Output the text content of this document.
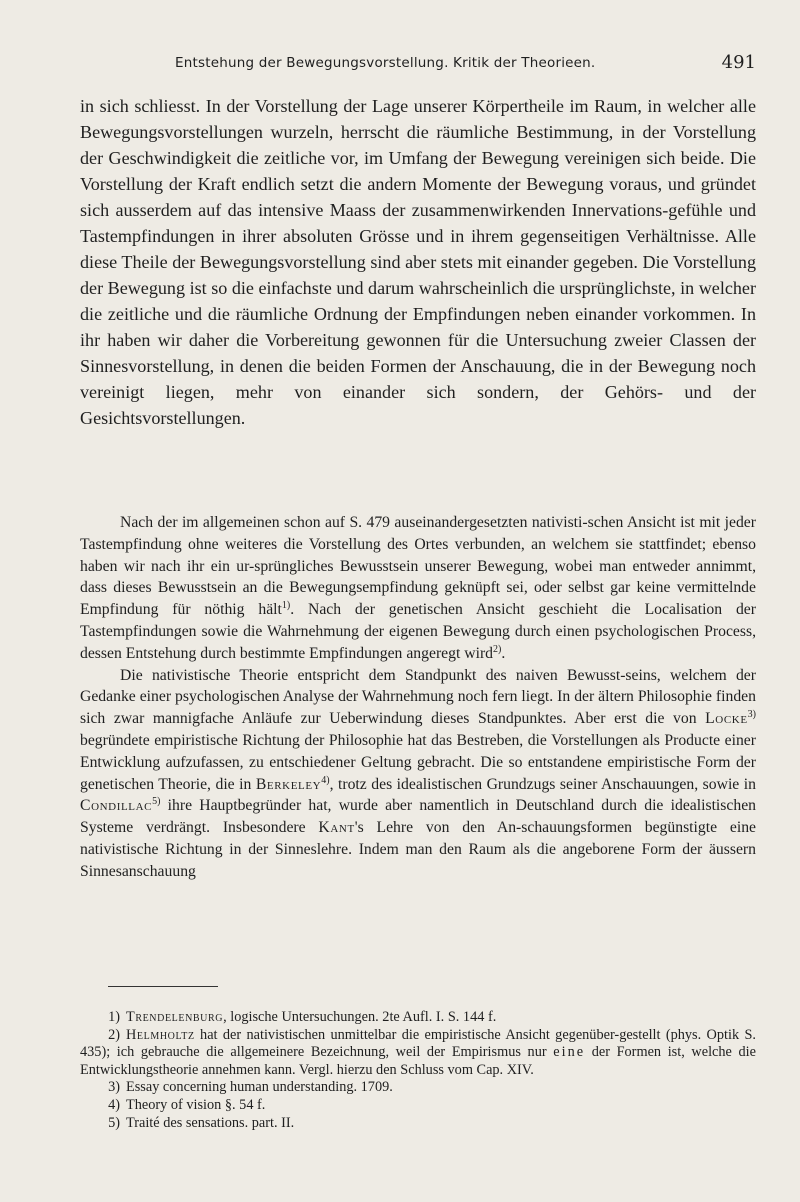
Entstehung der Bewegungsvorstellung. Kritik der Theorieen.	491

in sich schliesst. In der Vorstellung der Lage unserer Körpertheile im Raum, in welcher alle Bewegungsvorstellungen wurzeln, herrscht die räumliche Bestimmung, in der Vorstellung der Geschwindigkeit die zeitliche vor, im Umfang der Bewegung vereinigen sich beide. Die Vorstellung der Kraft endlich setzt die andern Momente der Bewegung voraus, und gründet sich ausserdem auf das intensive Maass der zusammenwirkenden Innervations-gefühle und Tastempfindungen in ihrer absoluten Grösse und in ihrem gegenseitigen Verhältnisse. Alle diese Theile der Bewegungsvorstellung sind aber stets mit einander gegeben. Die Vorstellung der Bewegung ist so die einfachste und darum wahrscheinlich die ursprünglichste, in welcher die zeitliche und die räumliche Ordnung der Empfindungen neben einander vorkommen. In ihr haben wir daher die Vorbereitung gewonnen für die Untersuchung zweier Classen der Sinnesvorstellung, in denen die beiden Formen der Anschauung, die in der Bewegung noch vereinigt liegen, mehr von einander sich sondern, der Gehörs- und der Gesichtsvorstellungen.

Nach der im allgemeinen schon auf S. 479 auseinandergesetzten nativisti-schen Ansicht ist mit jeder Tastempfindung ohne weiteres die Vorstellung des Ortes verbunden, an welchem sie stattfindet; ebenso haben wir nach ihr ein ur-sprüngliches Bewusstsein unserer Bewegung, wobei man entweder annimmt, dass dieses Bewusstsein an die Bewegungsempfindung geknüpft sei, oder selbst gar keine vermittelnde Empfindung für nöthig hält$^{1)}$. Nach der genetischen Ansicht geschieht die Localisation der Tastempfindungen sowie die Wahrnehmung der eigenen Bewegung durch einen psychologischen Process, dessen Entstehung durch bestimmte Empfindungen angeregt wird$^{2)}$.

Die nativistische Theorie entspricht dem Standpunkt des naiven Bewusst-seins, welchem der Gedanke einer psychologischen Analyse der Wahrnehmung noch fern liegt. In der ältern Philosophie finden sich zwar mannigfache Anläufe zur Ueberwindung dieses Standpunktes. Aber erst die von Locke$^{3)}$ begründete empiristische Richtung der Philosophie hat das Bestreben, die Vorstellungen als Producte einer Entwicklung aufzufassen, zu entschiedener Geltung gebracht. Die so entstandene empiristische Form der genetischen Theorie, die in Berkeley$^{4)}$, trotz des idealistischen Grundzugs seiner Anschauungen, sowie in Condillac$^{5)}$ ihre Hauptbegründer hat, wurde aber namentlich in Deutschland durch die idealistischen Systeme verdrängt. Insbesondere Kant's Lehre von den An-schauungsformen begünstigte eine nativistische Richtung in der Sinneslehre. Indem man den Raum als die angeborene Form der äussern Sinnesanschauung

1) Trendelenburg, logische Untersuchungen. 2te Aufl. I. S. 144 f.

2) Helmholtz hat der nativistischen unmittelbar die empiristische Ansicht gegenüber-gestellt (phys. Optik S. 435); ich gebrauche die allgemeinere Bezeichnung, weil der Empirismus nur eine der Formen ist, welche die Entwicklungstheorie annehmen kann. Vergl. hierzu den Schluss vom Cap. XIV.

3) Essay concerning human understanding. 1709.

4) Theory of vision §. 54 f.

5) Traité des sensations. part. II.
